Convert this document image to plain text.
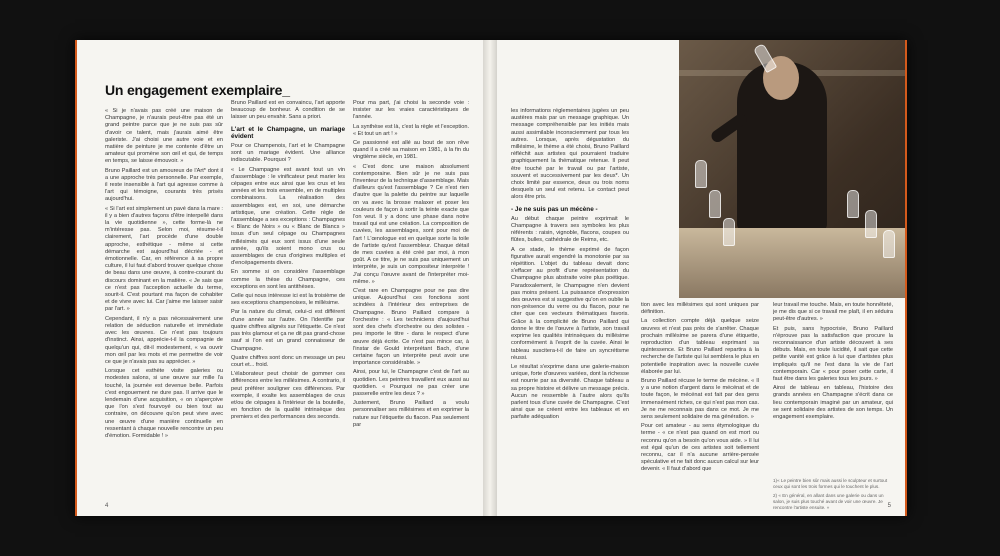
Un engagement exemplaire_

« Si je n'avais pas créé une maison de Champagne, je n'aurais peut-être pas été un grand peintre parce que je ne suis pas sûr d'avoir ce talent, mais j'aurais aimé être galeriste. J'ai choisi une autre voie et en matière de peinture je me contente d'être un amateur qui promène son œil et qui, de temps en temps, se laisse émouvoir. »

Bruno Paillard est un amoureux de l'Art* dont il a une approche très personnelle. Par exemple, il reste insensible à l'art qui agresse comme à l'art qui témoigne, courants très prisés aujourd'hui.

« Si l'art est simplement un pavé dans la mare : il y a bien d'autres façons d'être interpellé dans la vie quotidienne », cette forme-là ne m'intéresse pas. Selon moi, résume-t-il clairement, l'art procède d'une double approche, esthétique - même si cette démarche est aujourd'hui décriée - et émotionnelle. Car, en référence à sa propre culture, il lui faut d'abord trouver quelque chose de beau dans une œuvre, à contre-courant du discours dominant en la matière. « Je sais que ce n'est pas l'acception actuelle du terme, sourit-il. C'est pourtant ma façon de cohabiter et de vivre avec lui. Car j'aime me laisser saisir par l'art. »

Cependant, il n'y a pas nécessairement une relation de séduction naturelle et immédiate avec les œuvres. Ce n'est pas toujours d'instinct. Ainsi, apprécie-t-il la compagnie de quelqu'un qui, dit-il modestement, « va ouvrir mon œil par les mots et me permettre de voir ce que je n'avais pas su apprécier. »

Lorsque cet esthète visite galeries ou modestes salons, si une œuvre sur mille l'a touché, la journée est devenue belle. Parfois c'est engouement ne dure pas. Il arrive que le lendemain d'une acquisition, « on s'aperçoive que l'on s'est fourvoyé ou bien tout au contraire, on découvre qu'on peut vivre avec une œuvre d'une manière continuelle en ressentant à chaque nouvelle rencontre un peu d'émotion. Formidable ! »

Bruno Paillard est en convaincu, l'art apporte beaucoup de bonheur. A condition de se laisser un peu envahir. Sans a priori.

L'art et le Champagne, un mariage évident

Pour ce Champenois, l'art et le Champagne sont un mariage évident. Une alliance indiscutable. Pourquoi ?

« Le Champagne est avant tout un vin d'assemblage : le vinificateur peut marier les cépages entre eux ainsi que les crus et les années et les trois ensemble, en de multiples combinaisons. La réalisation des assemblages est, en soi, une démarche artistique, une création. Cette règle de l'assemblage a ses exceptions : Champagnes « Blanc de Noirs » ou « Blanc de Blancs » issus d'un seul cépage ou Champagnes millésimés qui eux sont issus d'une seule année, qu'ils soient mono crus ou assemblages de crus d'origines multiples et d'encépagements divers.

En somme si on considère l'assemblage comme la thèse du Champagne, ces exceptions en sont les antithèses.

Celle qui nous intéresse ici est la troisième de ses exceptions champenoises, le millésime.

Par la nature du climat, celui-ci est différent d'une année sur l'autre. On l'identifie par quatre chiffres alignés sur l'étiquette. Ce n'est pas très glamour et ça ne dit pas grand-chose sauf si l'on est un grand connaisseur de Champagne.

Quatre chiffres sont donc un message un peu court et... froid.

L'élaborateur peut choisir de gommer ces différences entre les millésimes. A contrario, il peut préférer souligner ces différences. Par exemple, il exalte les assemblages de crus et/ou de cépages à l'intérieur de la bouteille, en fonction de la qualité intrinsèque des premiers et des performances des seconds.

Pour ma part, j'ai choisi la seconde voie : insister sur les vraies caractéristiques de l'année.

La synthèse est là, c'est la règle et l'exception. « Et tout un art ! »

Ce passionné est allé au bout de son rêve quand il a créé sa maison en 1981, à la fin du vingtième siècle, en 1981.

« C'est donc une maison absolument contemporaine. Bien sûr je ne suis pas l'inventeur de la technique d'assemblage. Mais d'ailleurs qu'est l'assemblage ? Ce n'est rien d'autre que la palette du peintre sur laquelle on va avec la brosse malaxer et poser les couleurs de façon à sortir la teinte exacte que l'on veut. Il y a donc une phase dans notre travail qui est une création. La composition de cuvées, les assemblages, sont pour moi de l'art ! L'œnologue est en quelque sorte la toile de l'artiste qu'est l'assembleur. Chaque détail de mes cuvées a été créé par moi, à mon goût. A ce titre, je ne suis pas uniquement un interprète, je suis un compositeur interprète ! J'ai conçu l'œuvre avant de l'interpréter moi-même. »

C'est rare en Champagne pour ne pas dire unique. Aujourd'hui ces fonctions sont scindées à l'intérieur des entreprises de Champagne. Bruno Paillard compare à l'orchestre : « Les techniciens d'aujourd'hui sont des chefs d'orchestre ou des solistes - peu importe le titre - dans le respect d'une œuvre déjà écrite. Ce n'est pas mince car, à l'instar de Gould interprétant Bach, d'une certaine façon un interprète peut avoir une importance considérable. »

Ainsi, pour lui, le Champagne c'est de l'art au quotidien. Les peintres travaillent eux aussi au quotidien. « Pourquoi ne pas créer une passerelle entre les deux ? »

Justement, Bruno Paillard a voulu personnaliser ses millésimes et en exprimer la nature sur l'étiquette du flacon. Pas seulement par

4

les informations réglementaires jugées un peu austères mais par un message graphique. Un message compréhensible par les initiés mais aussi assimilable inconsciemment par tous les autres. Lorsque, après dégustation du millésime, le thème a été choisi, Bruno Paillard réfléchit aux artistes qui pourraient traduire graphiquement la thématique retenue. Il peut être touché par le travail ou par l'artiste, souvent et successivement par les deux*. Un choix limité par essence, deux ou trois noms desquels un seul est retenu. Le contact peut alors être pris.

- Je ne suis pas un mécène -

Au début chaque peintre exprimait le Champagne à travers ses symboles les plus référents : raisin, vignoble, flacons, coupes ou flûtes, bulles, cathédrale de Reims, etc.

A ce stade, le thème exprimé de façon figurative aurait engendré la monotonie par sa répétition. L'objet du tableau devait donc s'effacer au profit d'une représentation du Champagne plus abstraite voire plus poétique. Paradoxalement, le Champagne n'en devient pas moins présent. La puissance d'expression des œuvres est si suggestive qu'on en oublie la non-présence du verre ou du flacon, pour ne citer que ces vecteurs thématiques favoris. Grâce à la complicité de Bruno Paillard qui donne le titre de l'œuvre à l'artiste, son travail exprime les qualités intrinsèques du millésime conformément à l'esprit de la cuvée. Ainsi le tableau suscitera-t-il de faire un syncrétisme réussi.

Le résultat s'exprime dans une galerie-maison unique, forte d'œuvres variées, dont la richesse est nourrie par sa diversité. Chaque tableau a sa propre histoire et délivre un message précis. Aucun ne ressemble à l'autre alors qu'ils parlent tous d'une cuvée de Champagne. C'est ainsi que se créent entre les tableaux et en parfaite adéquation

tion avec les millésimes qui sont uniques par définition.

La collection compte déjà quelque seize œuvres et n'est pas près de s'arrêter. Chaque prochain millésime se parera d'une étiquette, reproduction d'un tableau exprimant sa quintessence. Et Bruno Paillard repartira à la recherche de l'artiste qui lui semblera le plus en potentielle inspiration avec la nouvelle cuvée élaborée par lui.

Bruno Paillard récuse le terme de mécène. « Il y a une notion d'argent dans le mécénat et de toute façon, le mécénat est fait par des gens immensément riches, ce qui n'est pas mon cas. Je ne me reconnais pas dans ce mot. Je me sens seulement solidaire de ma génération. »

Pour cet amateur - au sens étymologique du terme - « ce n'est pas quand on est mort ou reconnu qu'on a besoin qu'on vous aide. » Il lui est égal qu'un de ces artistes soit tellement reconnu, car il n'a aucune arrière-pensée spéculative et ne fait donc aucun calcul sur leur devenir. « Il faut d'abord que

leur travail me touche. Mais, en toute honnêteté, je me dis que si ce travail me plaît, il en séduira peut-être d'autres. »

Et puis, sans hypocrisie, Bruno Paillard n'éprouve pas la satisfaction que procure la reconnaissance d'un artiste découvert à ses débuts. Mais, en toute lucidité, il sait que cette petite vanité est grâce à lui que d'artistes plus impliqués qu'il ne l'est dans la vie de l'art contemporain. Car « pour poser cette carte, il faut être dans les galeries tous les jours. »

Ainsi de tableau en tableau, l'histoire des grands années en Champagne s'écrit dans ce lieu contemporain imaginé par un amateur, qui se sent solidaire des artistes de son temps. Un engagement exemplaire.

1)« Le peintre bien sûr mais aussi le sculpteur et surtout ceux qui sont les trois formes qui le touchent le plus.

2) « En général, en allant dans une galerie ou dans un salon, je suis plus touché avant de voir une œuvre. Je rencontre l'artiste ensuite. »	5
